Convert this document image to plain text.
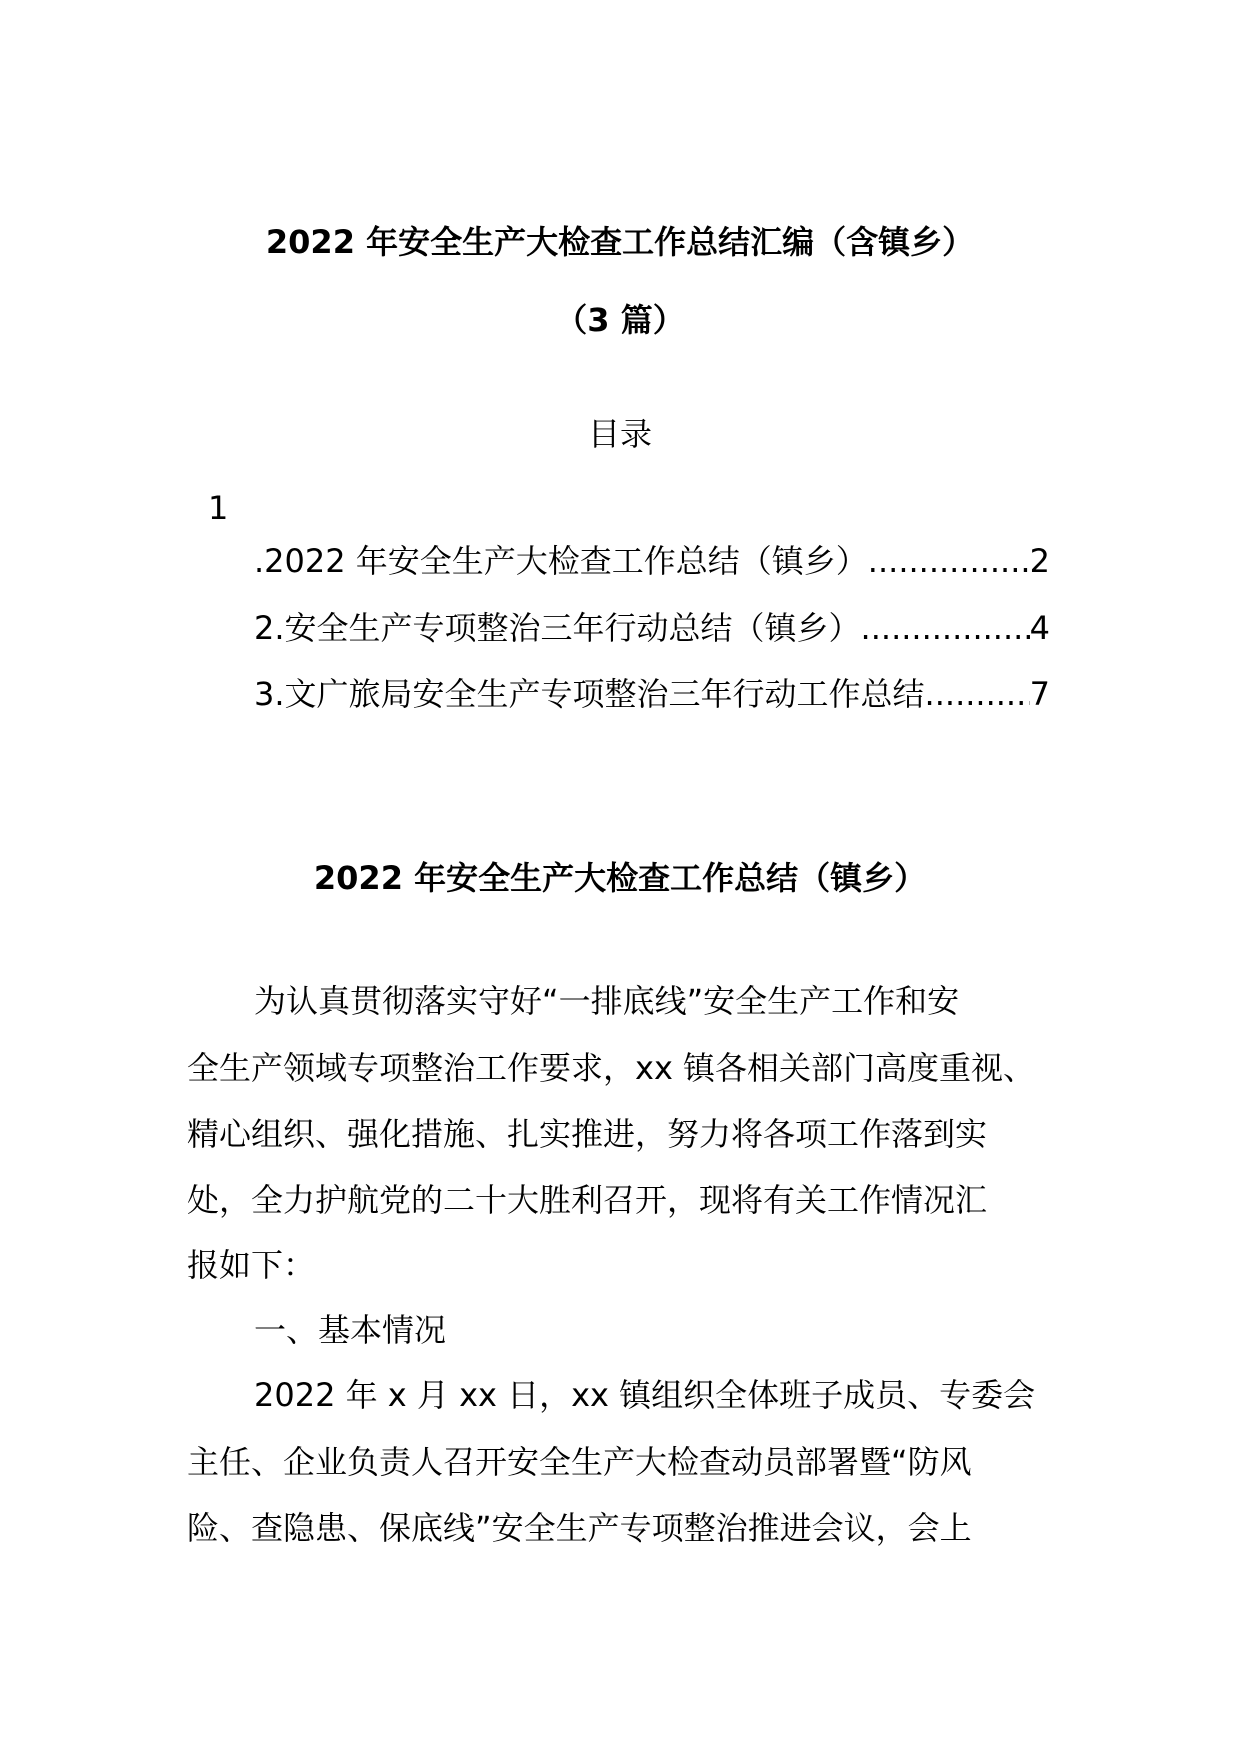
2022 年安全生产大检查工作总结汇编（含镇乡）
（3 篇）
目录
1
.2022 年安全生产大检查工作总结（镇乡） .....	2
2.安全生产专项整治三年行动总结（镇乡） .....	4
3.文广旅局安全生产专项整治三年行动工作总结 .....	7
2022 年安全生产大检查工作总结（镇乡）
为认真贯彻落实守好“一排底线”安全生产工作和安
全生产领域专项整治工作要求，xx 镇各相关部门高度重视、
精心组织、强化措施、扎实推进，努力将各项工作落到实
处，全力护航党的二十大胜利召开，现将有关工作情况汇
报如下：
一、基本情况
2022 年 x 月 xx 日，xx 镇组织全体班子成员、专委会
主任、企业负责人召开安全生产大检查动员部署暨“防风
险、查隐患、保底线”安全生产专项整治推进会议，会上
